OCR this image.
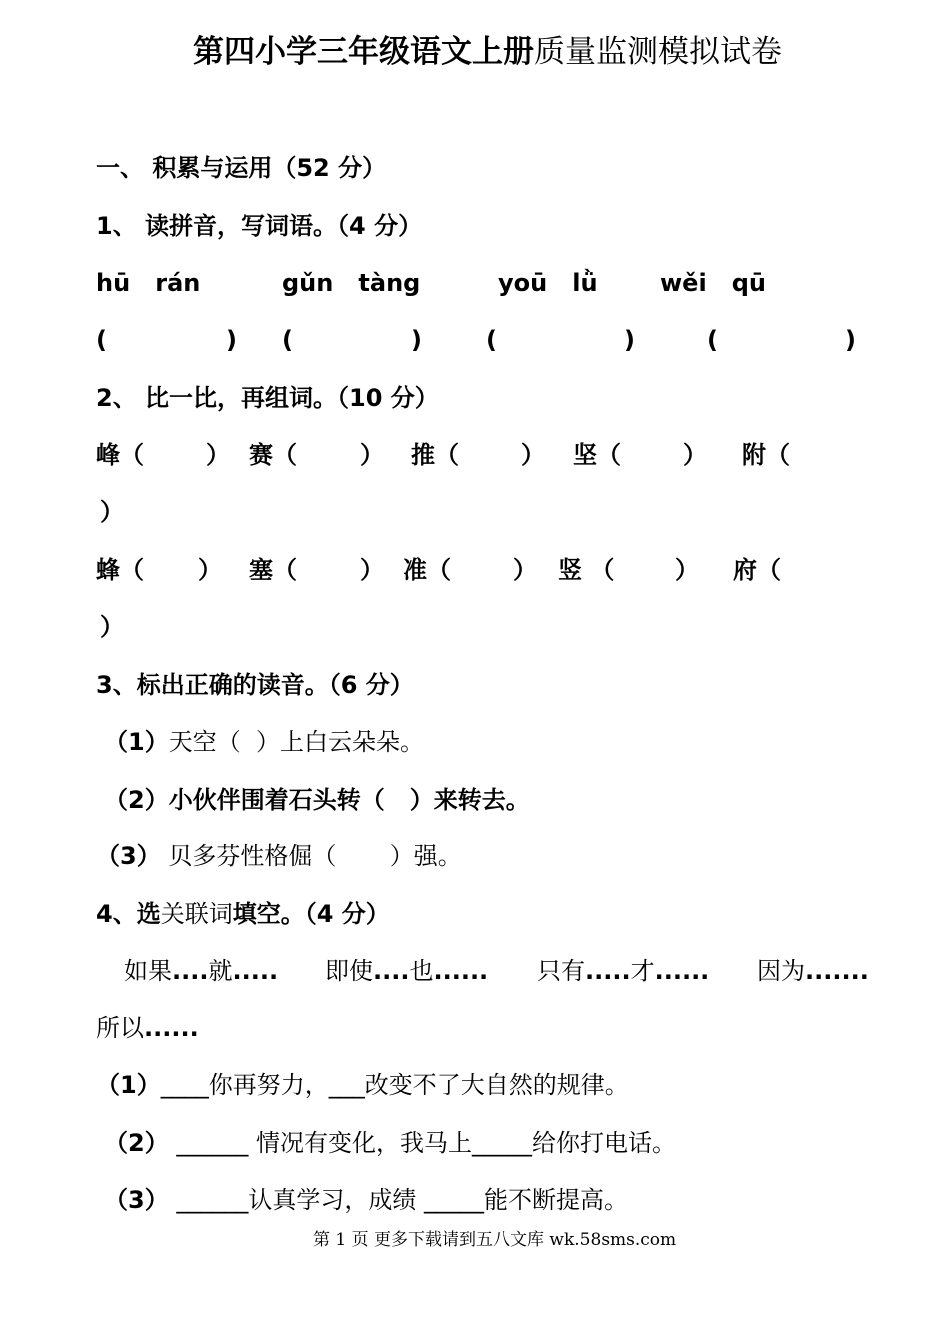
第四小学三年级语文上册质量监测模拟试卷
一、 积累与运用（52 分）
1、 读拼音，写词语。（4 分）
hū   rán	gǔn   tàng	yoū   lǜ	wěi   qū
(	) (	)	(	)	(	)
2、 比一比，再组词。（10 分）
峰（	） 赛（	） 推（	） 坚（	） 附（
）
蜂（ ） 塞（	） 准（	） 竖 （	） 府（
）
3、标出正确的读音。（6 分）
（1）天空（  ）上白云朵朵。
（2）小伙伴围着石头转（   ）来转去。
（3） 贝多芬性格倔（       ）强。
4、选关联词填空。（4 分）
如果....就..... 即使....也...... 只有.....才...... 因为.......
所以......
（1）____你再努力，___改变不了大自然的规律。
（2） ______ 情况有变化，我马上_____给你打电话。
（3） ______认真学习，成绩 _____能不断提高。
第 1 页 更多下载请到五八文库 wk.58sms.com
